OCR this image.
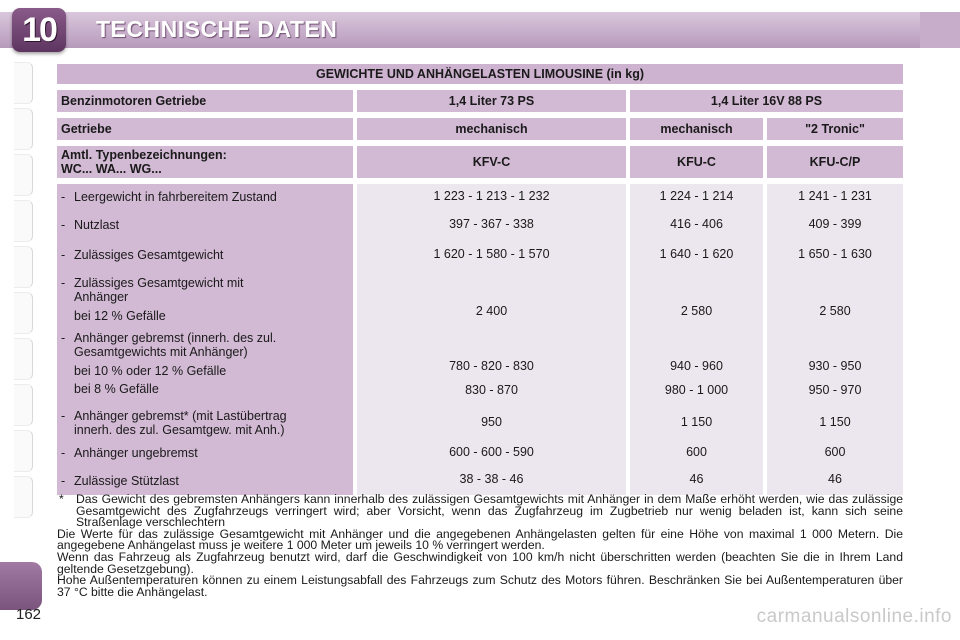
10	TECHNISCHE DATEN
GEWICHTE UND ANHÄNGELASTEN LIMOUSINE (in kg)			

Benzinmotoren Getriebe	1,4 Liter 73 PS	1,4 Liter 16V 88 PS	

Getriebe	mechanisch	mechanisch	"2 Tronic"

Amtl. Typenbezeichnungen:
WC... WA... WG...	KFV-C	KFU-C	KFU-C/P

- Leergewicht in fahrbereitem Zustand	1 223 - 1 213 - 1 232	1 224 - 1 214	1 241 - 1 231

- Nutzlast	397 - 367 - 338	416 - 406	409 - 399

- Zulässiges Gesamtgewicht	1 620 - 1 580 - 1 570	1 640 - 1 620	1 650 - 1 630

- Zulässiges Gesamtgewicht mit
Anhänger
bei 12 % Gefälle	2 400	2 580	2 580

- Anhänger gebremst (innerh. des zul.
Gesamtgewichts mit Anhänger)
bei 10 % oder 12 % Gefälle	780 - 820 - 830	940 - 960	930 - 950

bei 8 % Gefälle	830 - 870	980 - 1 000	950 - 970

- Anhänger gebremst* (mit Lastübertrag
innerh. des zul. Gesamtgew. mit Anh.)	950	1 150	1 150

- Anhänger ungebremst	600 - 600 - 590	600	600

- Zulässige Stützlast	38 - 38 - 46	46	46
*	Das Gewicht des gebremsten Anhängers kann innerhalb des zulässigen Gesamtgewichts mit Anhänger in dem Maße erhöht werden, wie das zulässige Gesamtgewicht des Zugfahrzeugs verringert wird; aber Vorsicht, wenn das Zugfahrzeug im Zugbetrieb nur wenig beladen ist, kann sich seine Straßenlage verschlechtern

Die Werte für das zulässige Gesamtgewicht mit Anhänger und die angegebenen Anhängelasten gelten für eine Höhe von maximal 1 000 Metern. Die angegebene Anhängelast muss je weitere 1 000 Meter um jeweils 10 % verringert werden.

Wenn das Fahrzeug als Zugfahrzeug benutzt wird, darf die Geschwindigkeit von 100 km/h nicht überschritten werden (beachten Sie die in Ihrem Land geltende Gesetzgebung).

Hohe Außentemperaturen können zu einem Leistungsabfall des Fahrzeugs zum Schutz des Motors führen. Beschränken Sie bei Außentemperaturen über 37 °C bitte die Anhängelast.

162	carmanualsonline.info
